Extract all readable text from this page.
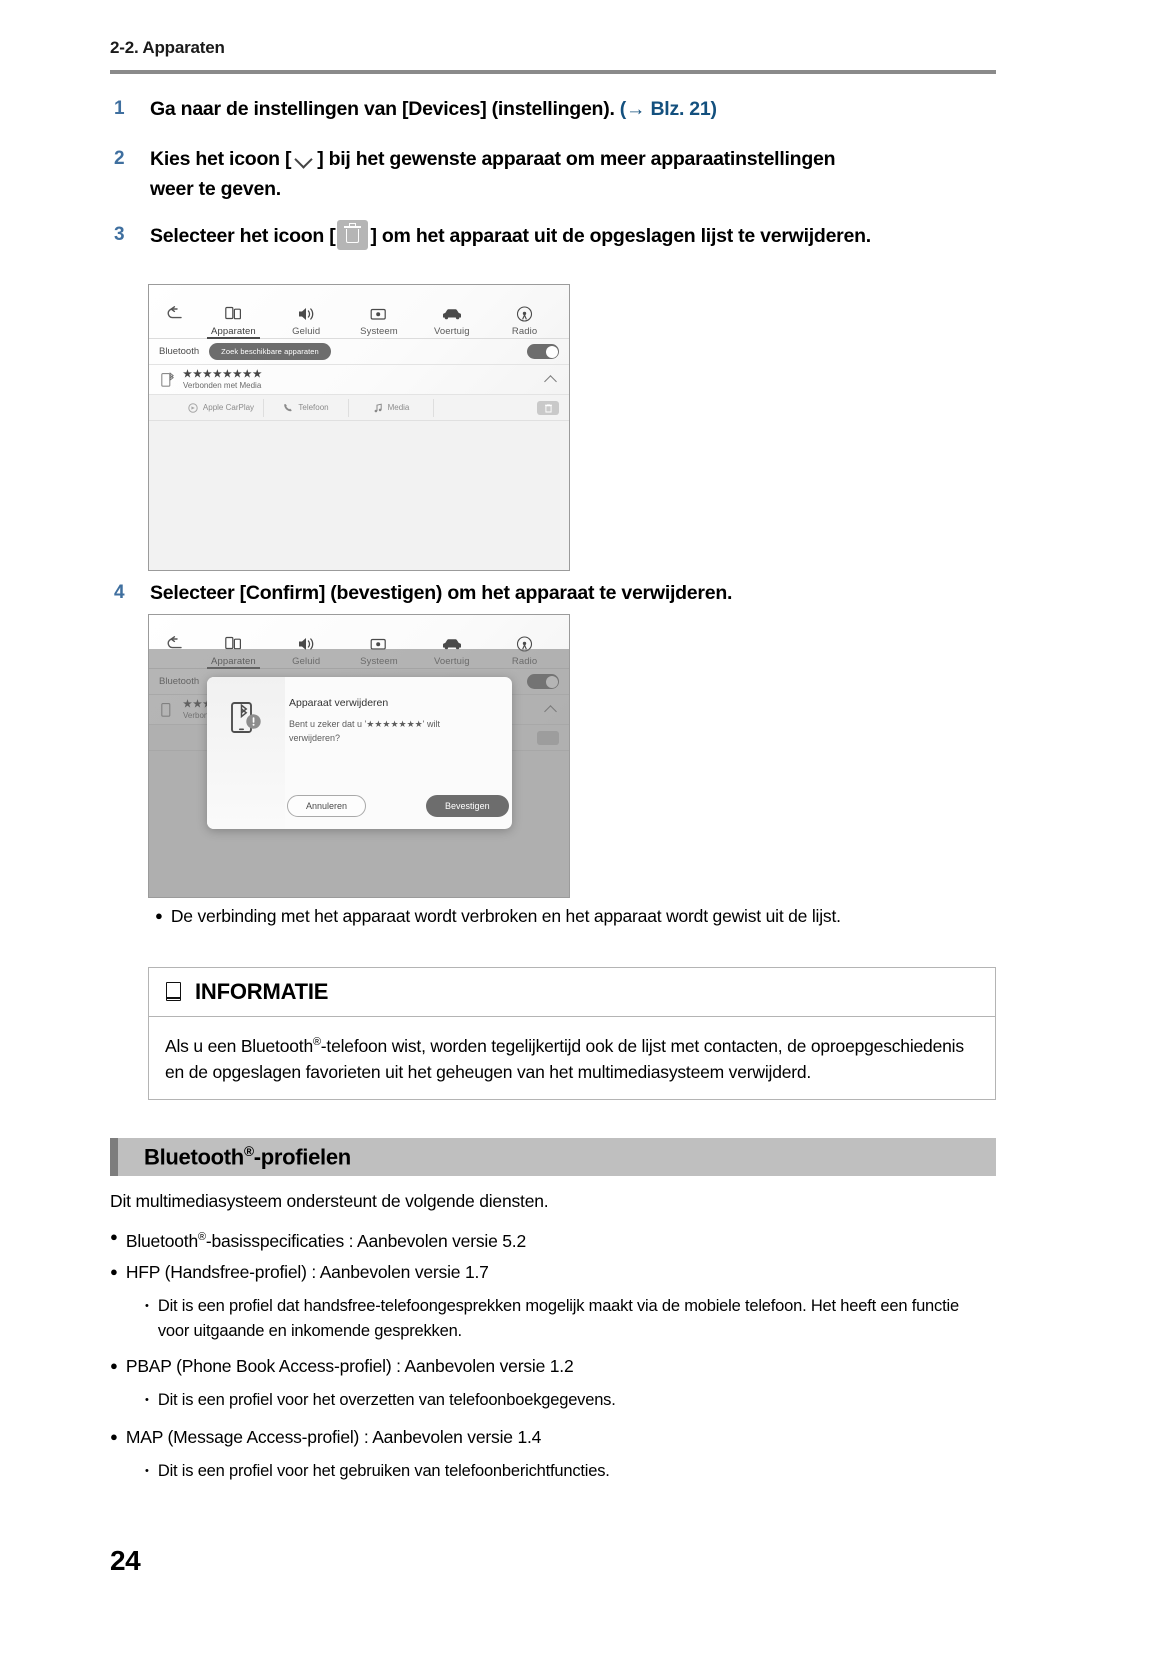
2-2. Apparaten
1	Ga naar de instellingen van [Devices] (instellingen). (→ Blz. 21)
2	Kies het icoon [ ] bij het gewenste apparaat om meer apparaatinstellingen weer te geven.
3	Selecteer het icoon [ ] om het apparaat uit de opgeslagen lijst te verwijderen.
Apparaten	Geluid	Systeem	Voertuig	Radio
Bluetooth	Zoek beschikbare apparaten
★★★★★★★★
Verbonden met Media
Apple CarPlay	Telefoon	Media
4	Selecteer [Confirm] (bevestigen) om het apparaat te verwijderen.
Apparaat verwijderen
Bent u zeker dat u '★★★★★★★' wilt verwijderen?
Annuleren	Bevestigen
● De verbinding met het apparaat wordt verbroken en het apparaat wordt gewist uit de lijst.
INFORMATIE
Als u een Bluetooth®-telefoon wist, worden tegelijkertijd ook de lijst met contacten, de oproepgeschiedenis en de opgeslagen favorieten uit het geheugen van het multimediasysteem verwijderd.
Bluetooth®-profielen
Dit multimediasysteem ondersteunt de volgende diensten.
● Bluetooth®-basisspecificaties : Aanbevolen versie 5.2
● HFP (Handsfree-profiel) : Aanbevolen versie 1.7
• Dit is een profiel dat handsfree-telefoongesprekken mogelijk maakt via de mobiele telefoon. Het heeft een functie voor uitgaande en inkomende gesprekken.
● PBAP (Phone Book Access-profiel) : Aanbevolen versie 1.2
• Dit is een profiel voor het overzetten van telefoonboekgegevens.
● MAP (Message Access-profiel) : Aanbevolen versie 1.4
• Dit is een profiel voor het gebruiken van telefoonberichtfuncties.
24
